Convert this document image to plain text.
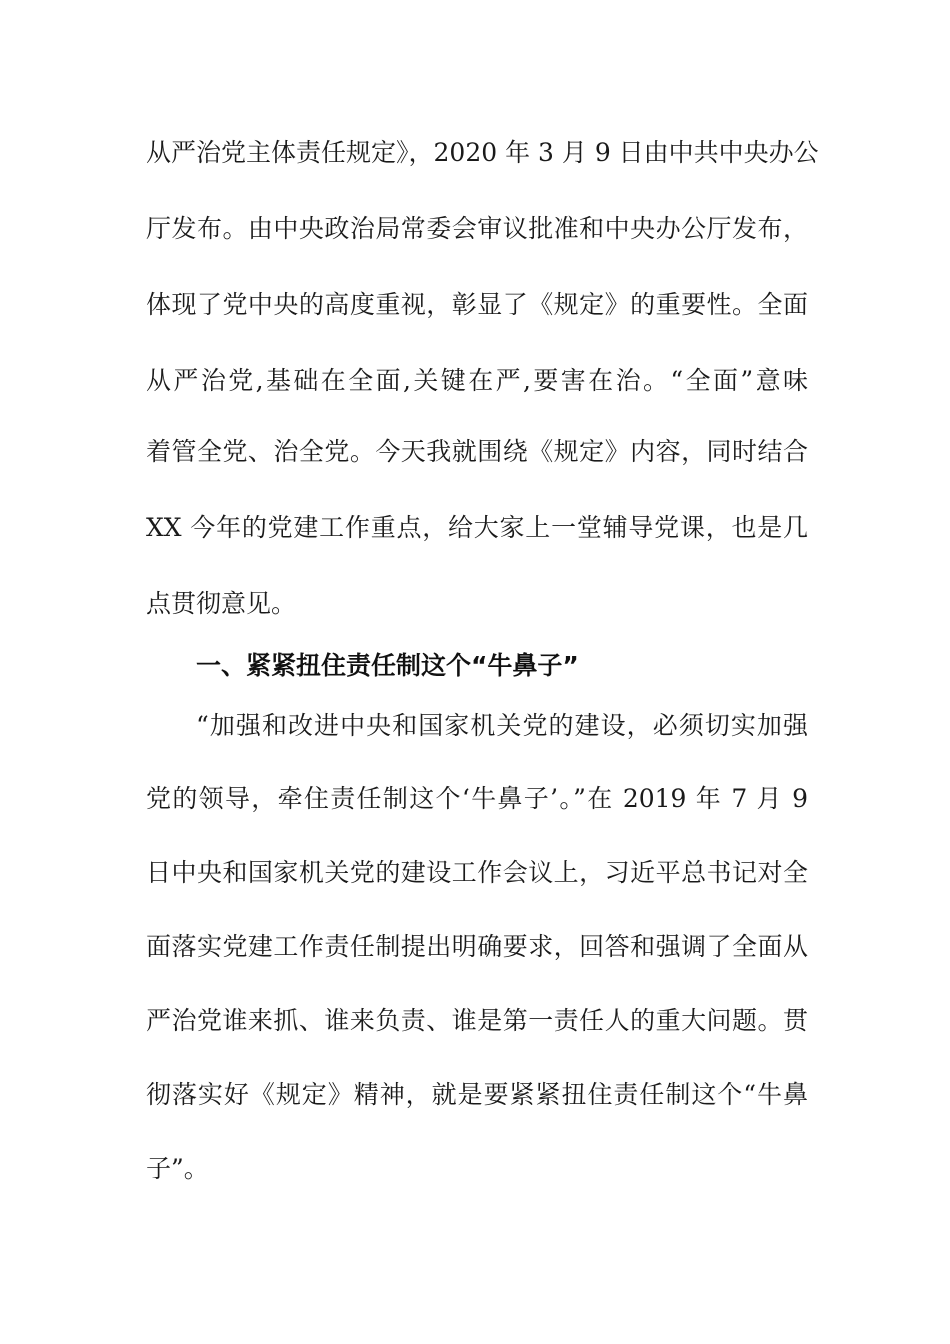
从严治党主体责任规定》，2020 年 3 月 9 日由中共中央办公
厅发布。由中央政治局常委会审议批准和中央办公厅发布，
体现了党中央的高度重视，彰显了《规定》的重要性。全面
从严治党,基础在全面,关键在严,要害在治。“全面”意味
着管全党、治全党。今天我就围绕《规定》内容，同时结合
XX 今年的党建工作重点，给大家上一堂辅导党课，也是几
点贯彻意见。
一、紧紧扭住责任制这个“牛鼻子”
“加强和改进中央和国家机关党的建设，必须切实加强
党的领导，牵住责任制这个‘牛鼻子’。”在 2019 年 7 月 9
日中央和国家机关党的建设工作会议上，习近平总书记对全
面落实党建工作责任制提出明确要求，回答和强调了全面从
严治党谁来抓、谁来负责、谁是第一责任人的重大问题。贯
彻落实好《规定》精神，就是要紧紧扭住责任制这个“牛鼻
子”。
